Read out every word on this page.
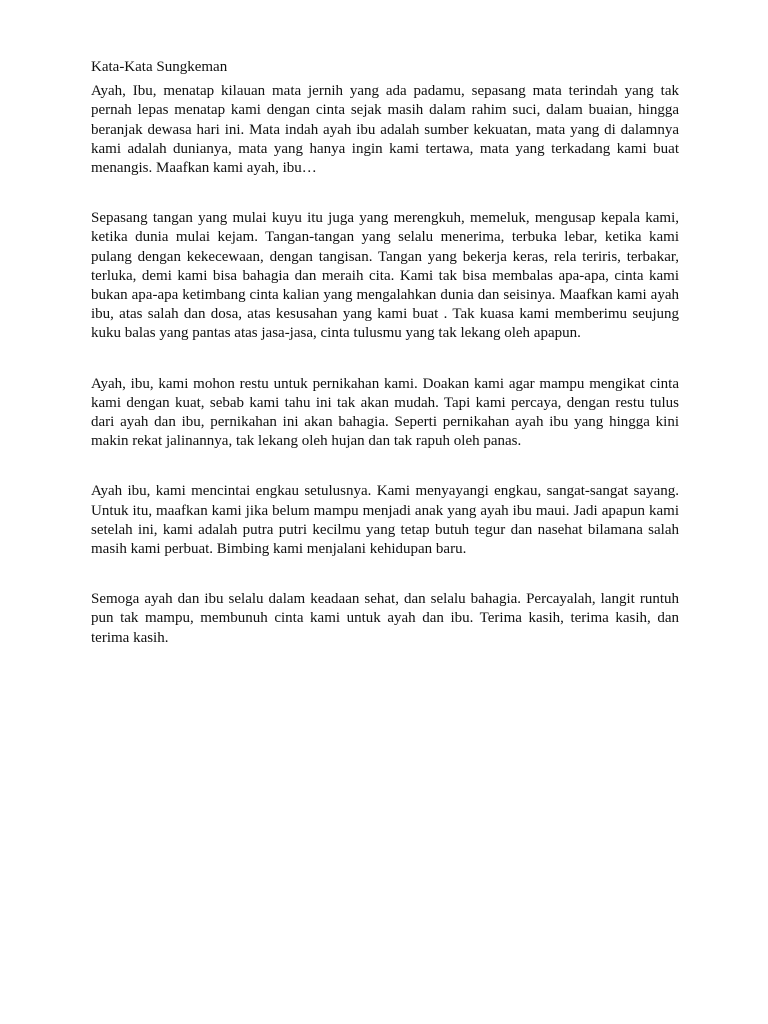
Kata-Kata Sungkeman

Ayah, Ibu, menatap kilauan mata jernih yang ada padamu, sepasang mata terindah yang tak pernah lepas menatap kami dengan cinta sejak masih dalam rahim suci, dalam buaian, hingga beranjak dewasa hari ini. Mata indah ayah ibu adalah sumber kekuatan, mata yang di dalamnya kami adalah dunianya, mata yang hanya ingin kami tertawa, mata yang terkadang kami buat menangis. Maafkan kami ayah, ibu…

Sepasang tangan yang mulai kuyu itu juga yang merengkuh, memeluk, mengusap kepala kami, ketika dunia mulai kejam. Tangan-tangan yang selalu menerima, terbuka lebar, ketika kami pulang dengan kekecewaan, dengan tangisan. Tangan yang bekerja keras, rela teriris, terbakar, terluka, demi kami bisa bahagia dan meraih cita. Kami tak bisa membalas apa-apa, cinta kami bukan apa-apa ketimbang cinta kalian yang mengalahkan dunia dan seisinya. Maafkan kami ayah ibu, atas salah dan dosa, atas kesusahan yang kami buat . Tak kuasa kami memberimu seujung kuku balas yang pantas atas jasa-jasa, cinta tulusmu yang tak lekang oleh apapun.

Ayah, ibu, kami mohon restu untuk pernikahan kami. Doakan kami agar mampu mengikat cinta kami dengan kuat, sebab kami tahu ini tak akan mudah. Tapi kami percaya, dengan restu tulus dari ayah dan ibu, pernikahan ini akan bahagia. Seperti pernikahan ayah ibu yang hingga kini makin rekat jalinannya, tak lekang oleh hujan dan tak rapuh oleh panas.

Ayah ibu, kami mencintai engkau setulusnya. Kami menyayangi engkau, sangat-sangat sayang. Untuk itu, maafkan kami jika belum mampu menjadi anak yang ayah ibu maui. Jadi apapun kami setelah ini, kami adalah putra putri kecilmu yang tetap butuh tegur dan nasehat bilamana salah masih kami perbuat. Bimbing kami menjalani kehidupan baru.

Semoga ayah dan ibu selalu dalam keadaan sehat, dan selalu bahagia. Percayalah, langit runtuh pun tak mampu, membunuh cinta kami untuk ayah dan ibu. Terima kasih, terima kasih, dan terima kasih.
